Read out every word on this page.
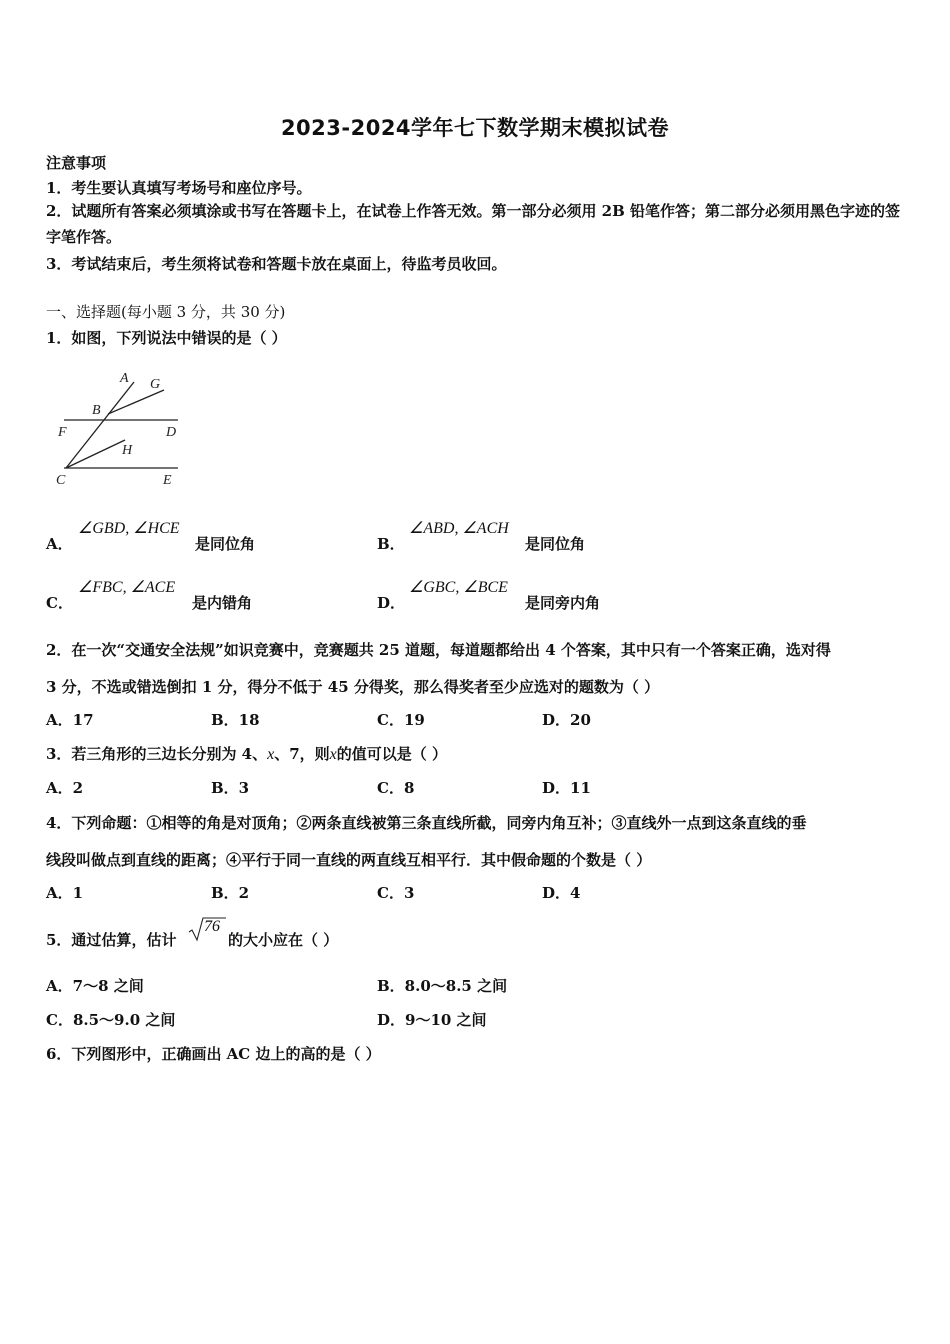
2023-2024学年七下数学期末模拟试卷
注意事项
1．考生要认真填写考场号和座位序号。
2．试题所有答案必须填涂或书写在答题卡上，在试卷上作答无效。第一部分必须用 2B 铅笔作答；第二部分必须用黑色字迹的签字笔作答。
3．考试结束后，考生须将试卷和答题卡放在桌面上，待监考员收回。
一、选择题(每小题 3 分，共 30 分)
1．如图，下列说法中错误的是（ ）
A G
B
F	D
H
C	E
A．
∠GBD, ∠HCE
是同位角	B．
∠ABD, ∠ACH
是同位角
C．
∠FBC, ∠ACE
是内错角	D．
∠GBC, ∠BCE
是同旁内角
2．在一次“交通安全法规”如识竞赛中，竞赛题共 25 道题，每道题都给出 4 个答案，其中只有一个答案正确，选对得
3 分，不选或错选倒扣 1 分，得分不低于 45 分得奖，那么得奖者至少应选对的题数为（ ）
A．17	B．18	C．19	D．20
3．若三角形的三边长分别为 4、x、7，则x的值可以是（ ）
A．2	B．3	C．8	D．11
4．下列命题：①相等的角是对顶角；②两条直线被第三条直线所截，同旁内角互补；③直线外一点到这条直线的垂
线段叫做点到直线的距离；④平行于同一直线的两直线互相平行．其中假命题的个数是（ ）
A．1	B．2	C．3	D．4
5．通过估算，估计
76
的大小应在（ ）
A．7～8 之间	B．8.0～8.5 之间
C．8.5～9.0 之间	D．9～10 之间
6．下列图形中，正确画出 AC 边上的高的是（ ）
